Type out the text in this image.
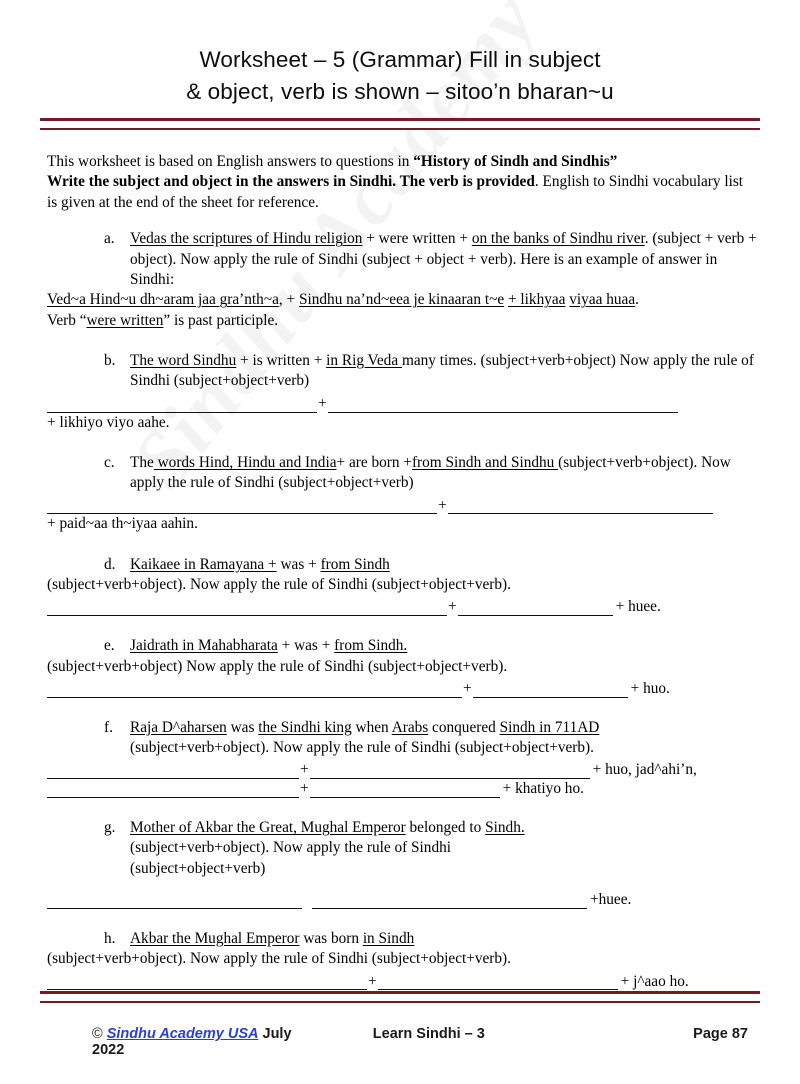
Worksheet – 5 (Grammar) Fill in subject
& object, verb is shown – sitoo’n bharan~u
This worksheet is based on English answers to questions in “History of Sindh and Sindhis”
Write the subject and object in the answers in Sindhi. The verb is provided. English to Sindhi vocabulary list is given at the end of the sheet for reference.
a.	Vedas the scriptures of Hindu religion + were written + on the banks of Sindhu river. (subject + verb + object). Now apply the rule of Sindhi (subject + object + verb). Here is an example of answer in Sindhi:
Ved~a Hind~u dh~aram jaa gra’nth~a, + Sindhu na’nd~eea je kinaaran t~e + likhyaa viyaa huaa.
Verb “were written” is past participle.
b. The word Sindhu + is written + in Rig Veda many times. (subject+verb+object) Now apply the rule of Sindhi (subject+object+verb)
+
+ likhiyo viyo aahe.
c.	The words Hind, Hindu and India+ are born +from Sindh and Sindhu (subject+verb+object). Now apply the rule of Sindhi (subject+object+verb)
+
+ paid~aa th~iyaa aahin.
d. Kaikaee in Ramayana + was + from Sindh
(subject+verb+object). Now apply the rule of Sindhi (subject+object+verb).
+	+ huee.
e.	Jaidrath in Mahabharata + was + from Sindh.
(subject+verb+object) Now apply the rule of Sindhi (subject+object+verb).
+	+ huo.
f.	Raja D^aharsen was the Sindhi king when Arabs conquered Sindh in 711AD
(subject+verb+object). Now apply the rule of Sindhi (subject+object+verb).
+	+ huo, jad^ahi’n,
+	+ khatiyo ho.
g. Mother of Akbar the Great, Mughal Emperor belonged to Sindh.
(subject+verb+object). Now apply the rule of Sindhi
(subject+object+verb)
+huee.
h. Akbar the Mughal Emperor was born in Sindh
(subject+verb+object). Now apply the rule of Sindhi (subject+object+verb).
+	+ j^aao ho.
© Sindhu Academy USA July 2022
Learn Sindhi – 3	Page 87
